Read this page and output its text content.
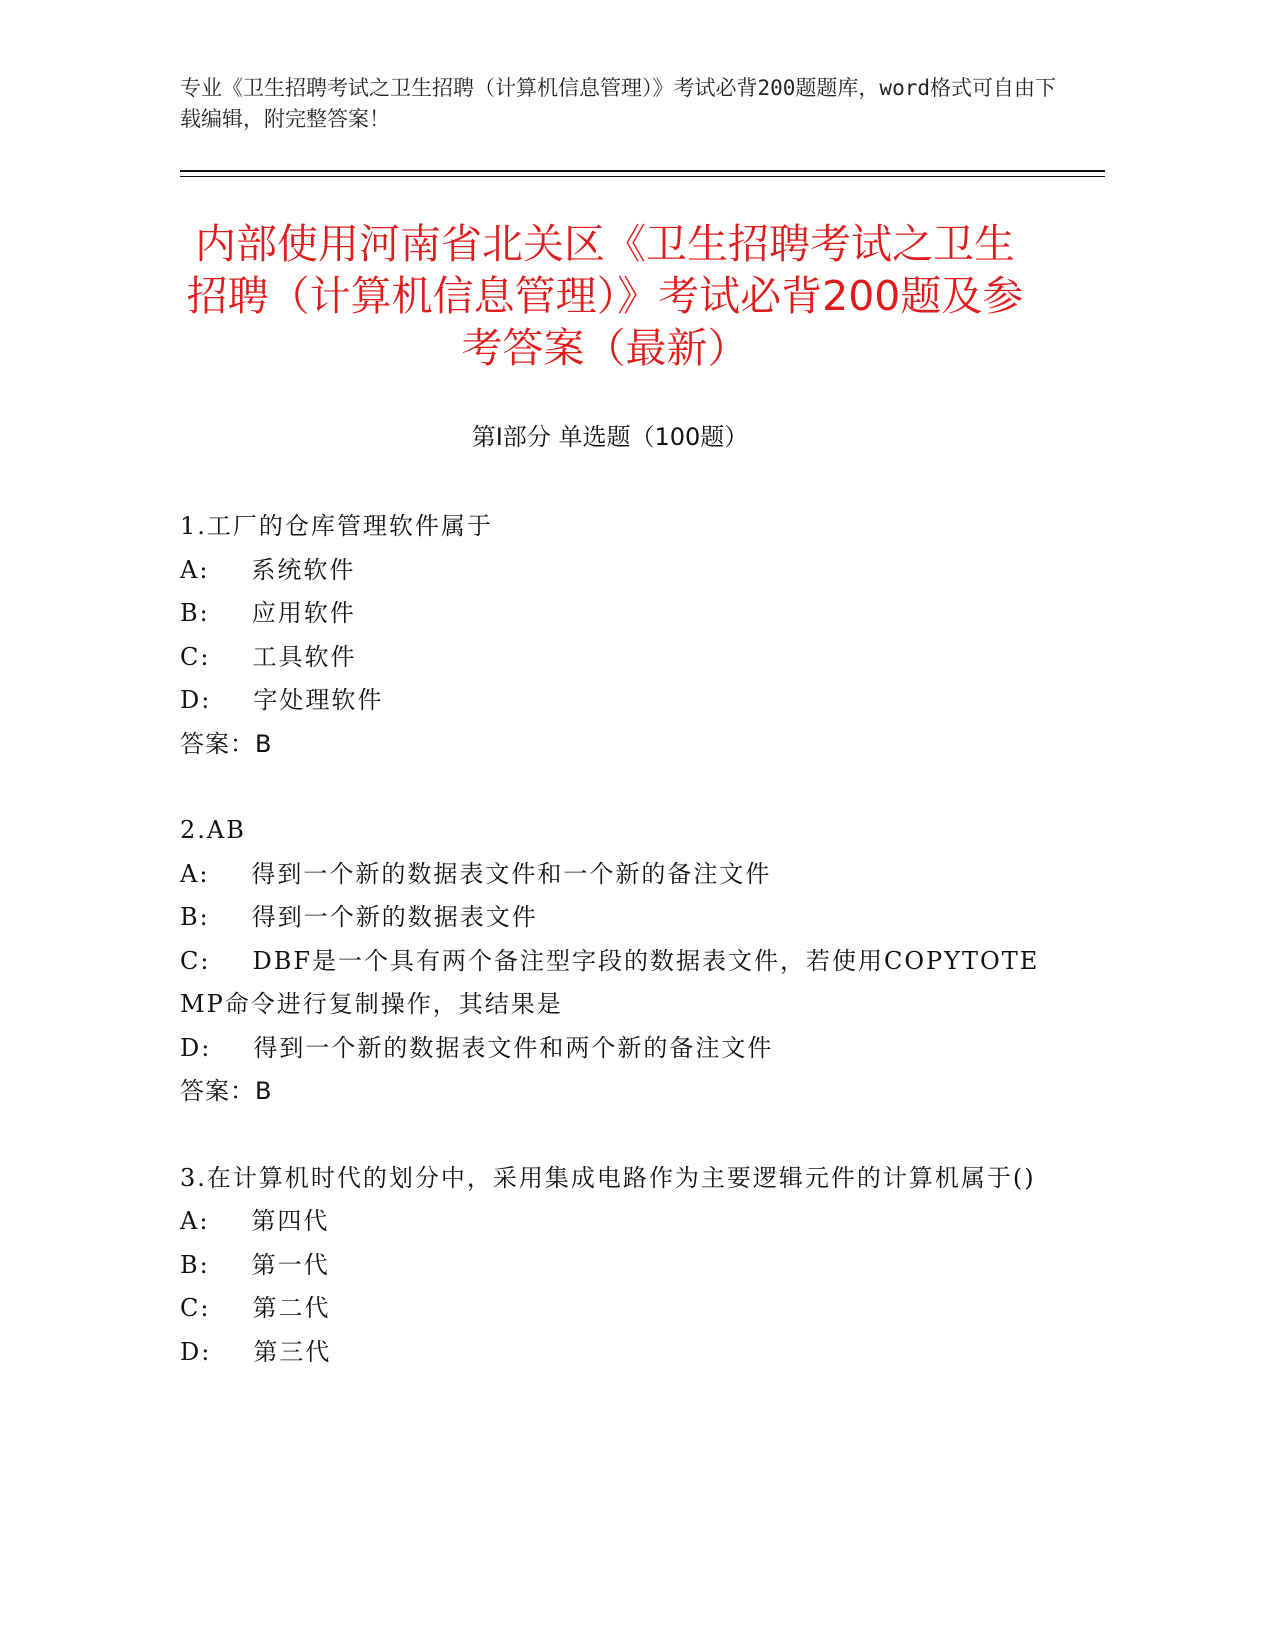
专业《卫生招聘考试之卫生招聘（计算机信息管理）》考试必背200题题库，word格式可自由下载编辑，附完整答案！
内部使用河南省北关区《卫生招聘考试之卫生招聘（计算机信息管理）》考试必背200题及参考答案（最新）
第I部分 单选题（100题）
1.工厂的仓库管理软件属于
A: 系统软件
B: 应用软件
C: 工具软件
D: 字处理软件
答案：B
2.AB
A: 得到一个新的数据表文件和一个新的备注文件
B: 得到一个新的数据表文件
C: DBF是一个具有两个备注型字段的数据表文件，若使用COPYTOTEMP命令进行复制操作，其结果是
D: 得到一个新的数据表文件和两个新的备注文件
答案：B
3.在计算机时代的划分中，采用集成电路作为主要逻辑元件的计算机属于()
A: 第四代
B: 第一代
C: 第二代
D: 第三代
